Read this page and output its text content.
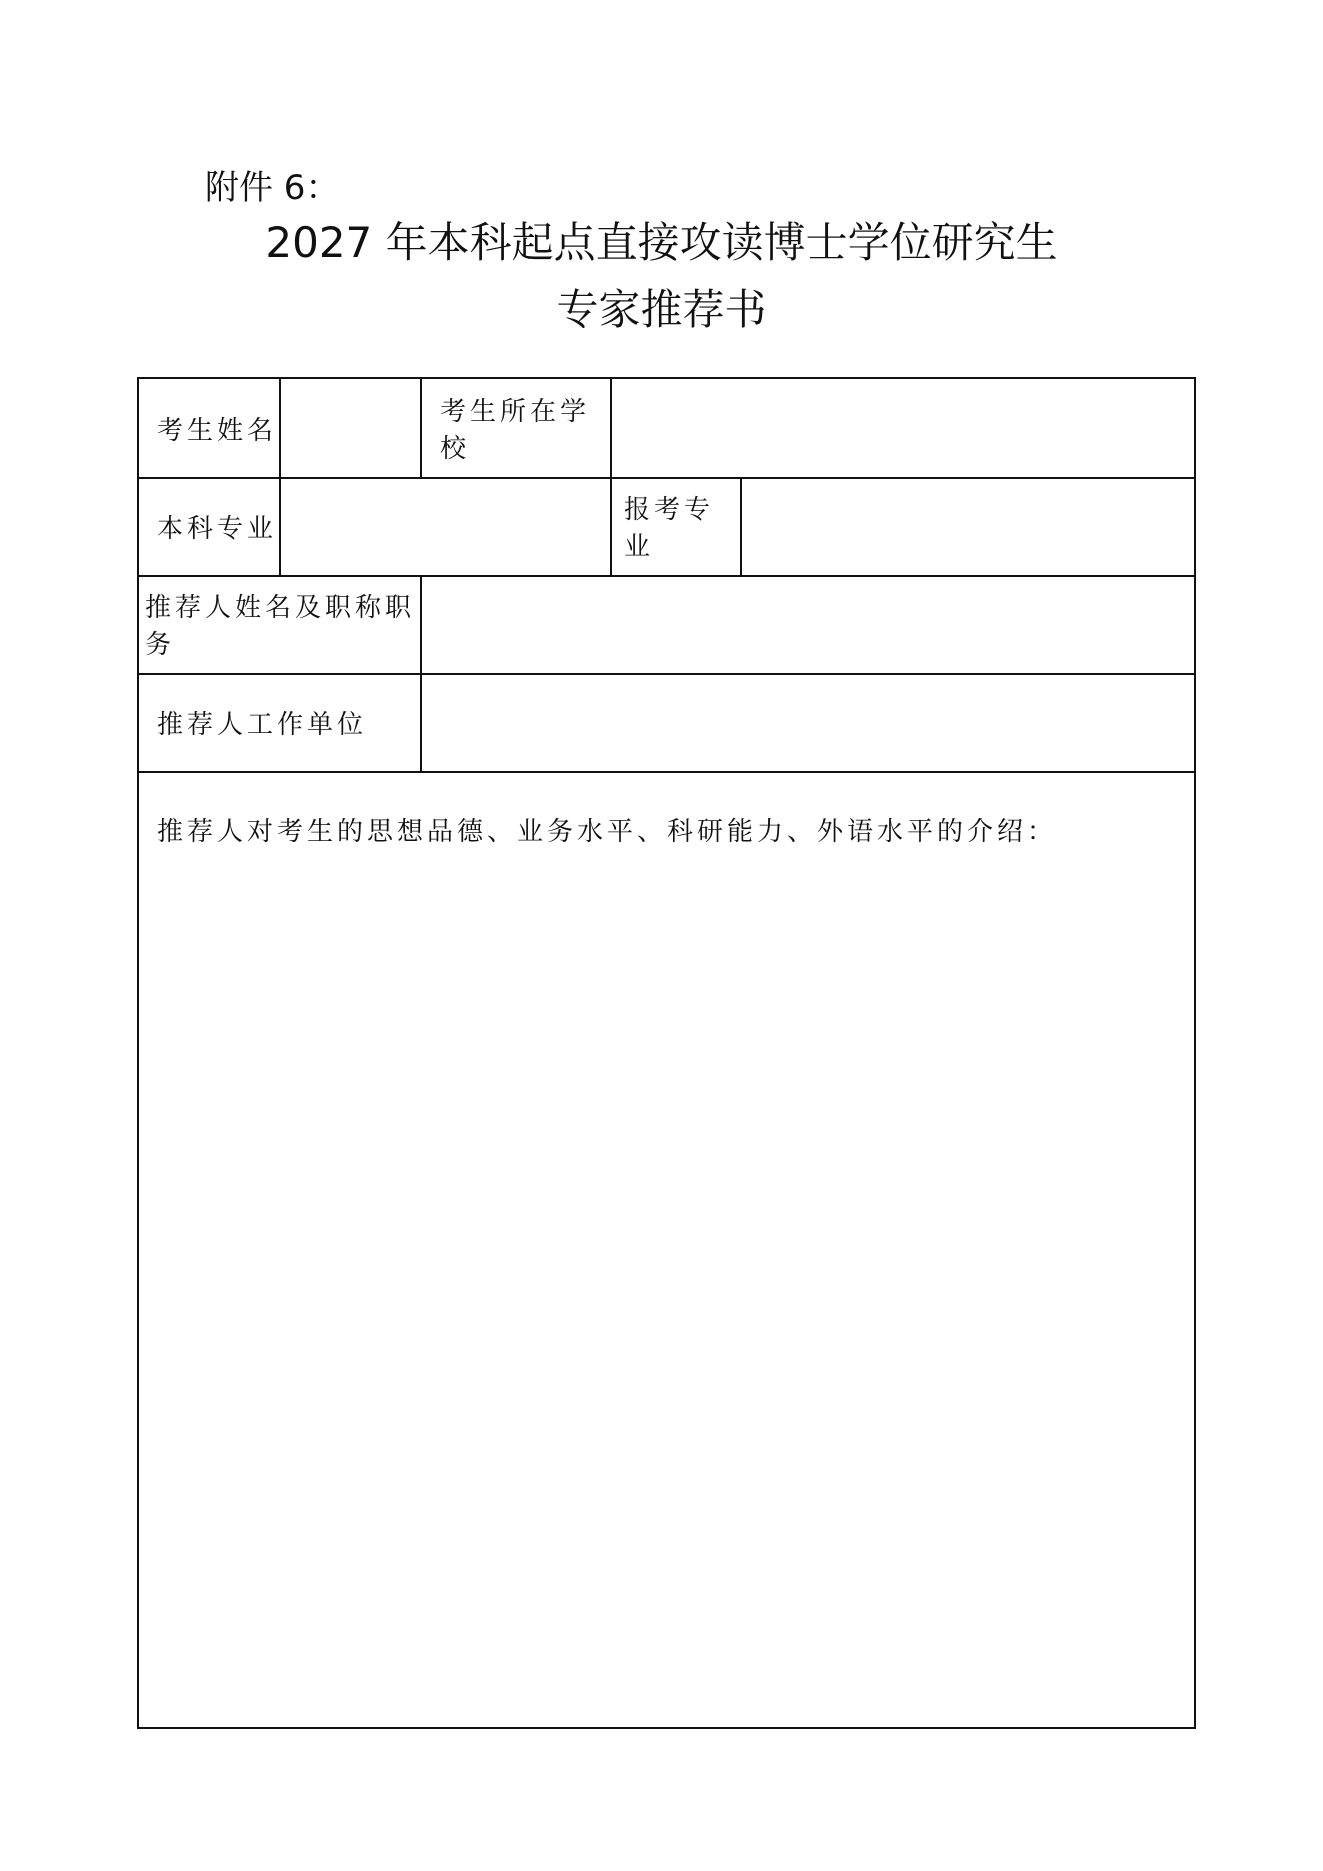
附件 6：

2027 年本科起点直接攻读博士学位研究生
专家推荐书
考生姓名
考生所在学校
本科专业
报考专业
推荐人姓名及职称职务
推荐人工作单位
推荐人对考生的思想品德、业务水平、科研能力、外语水平的介绍：
